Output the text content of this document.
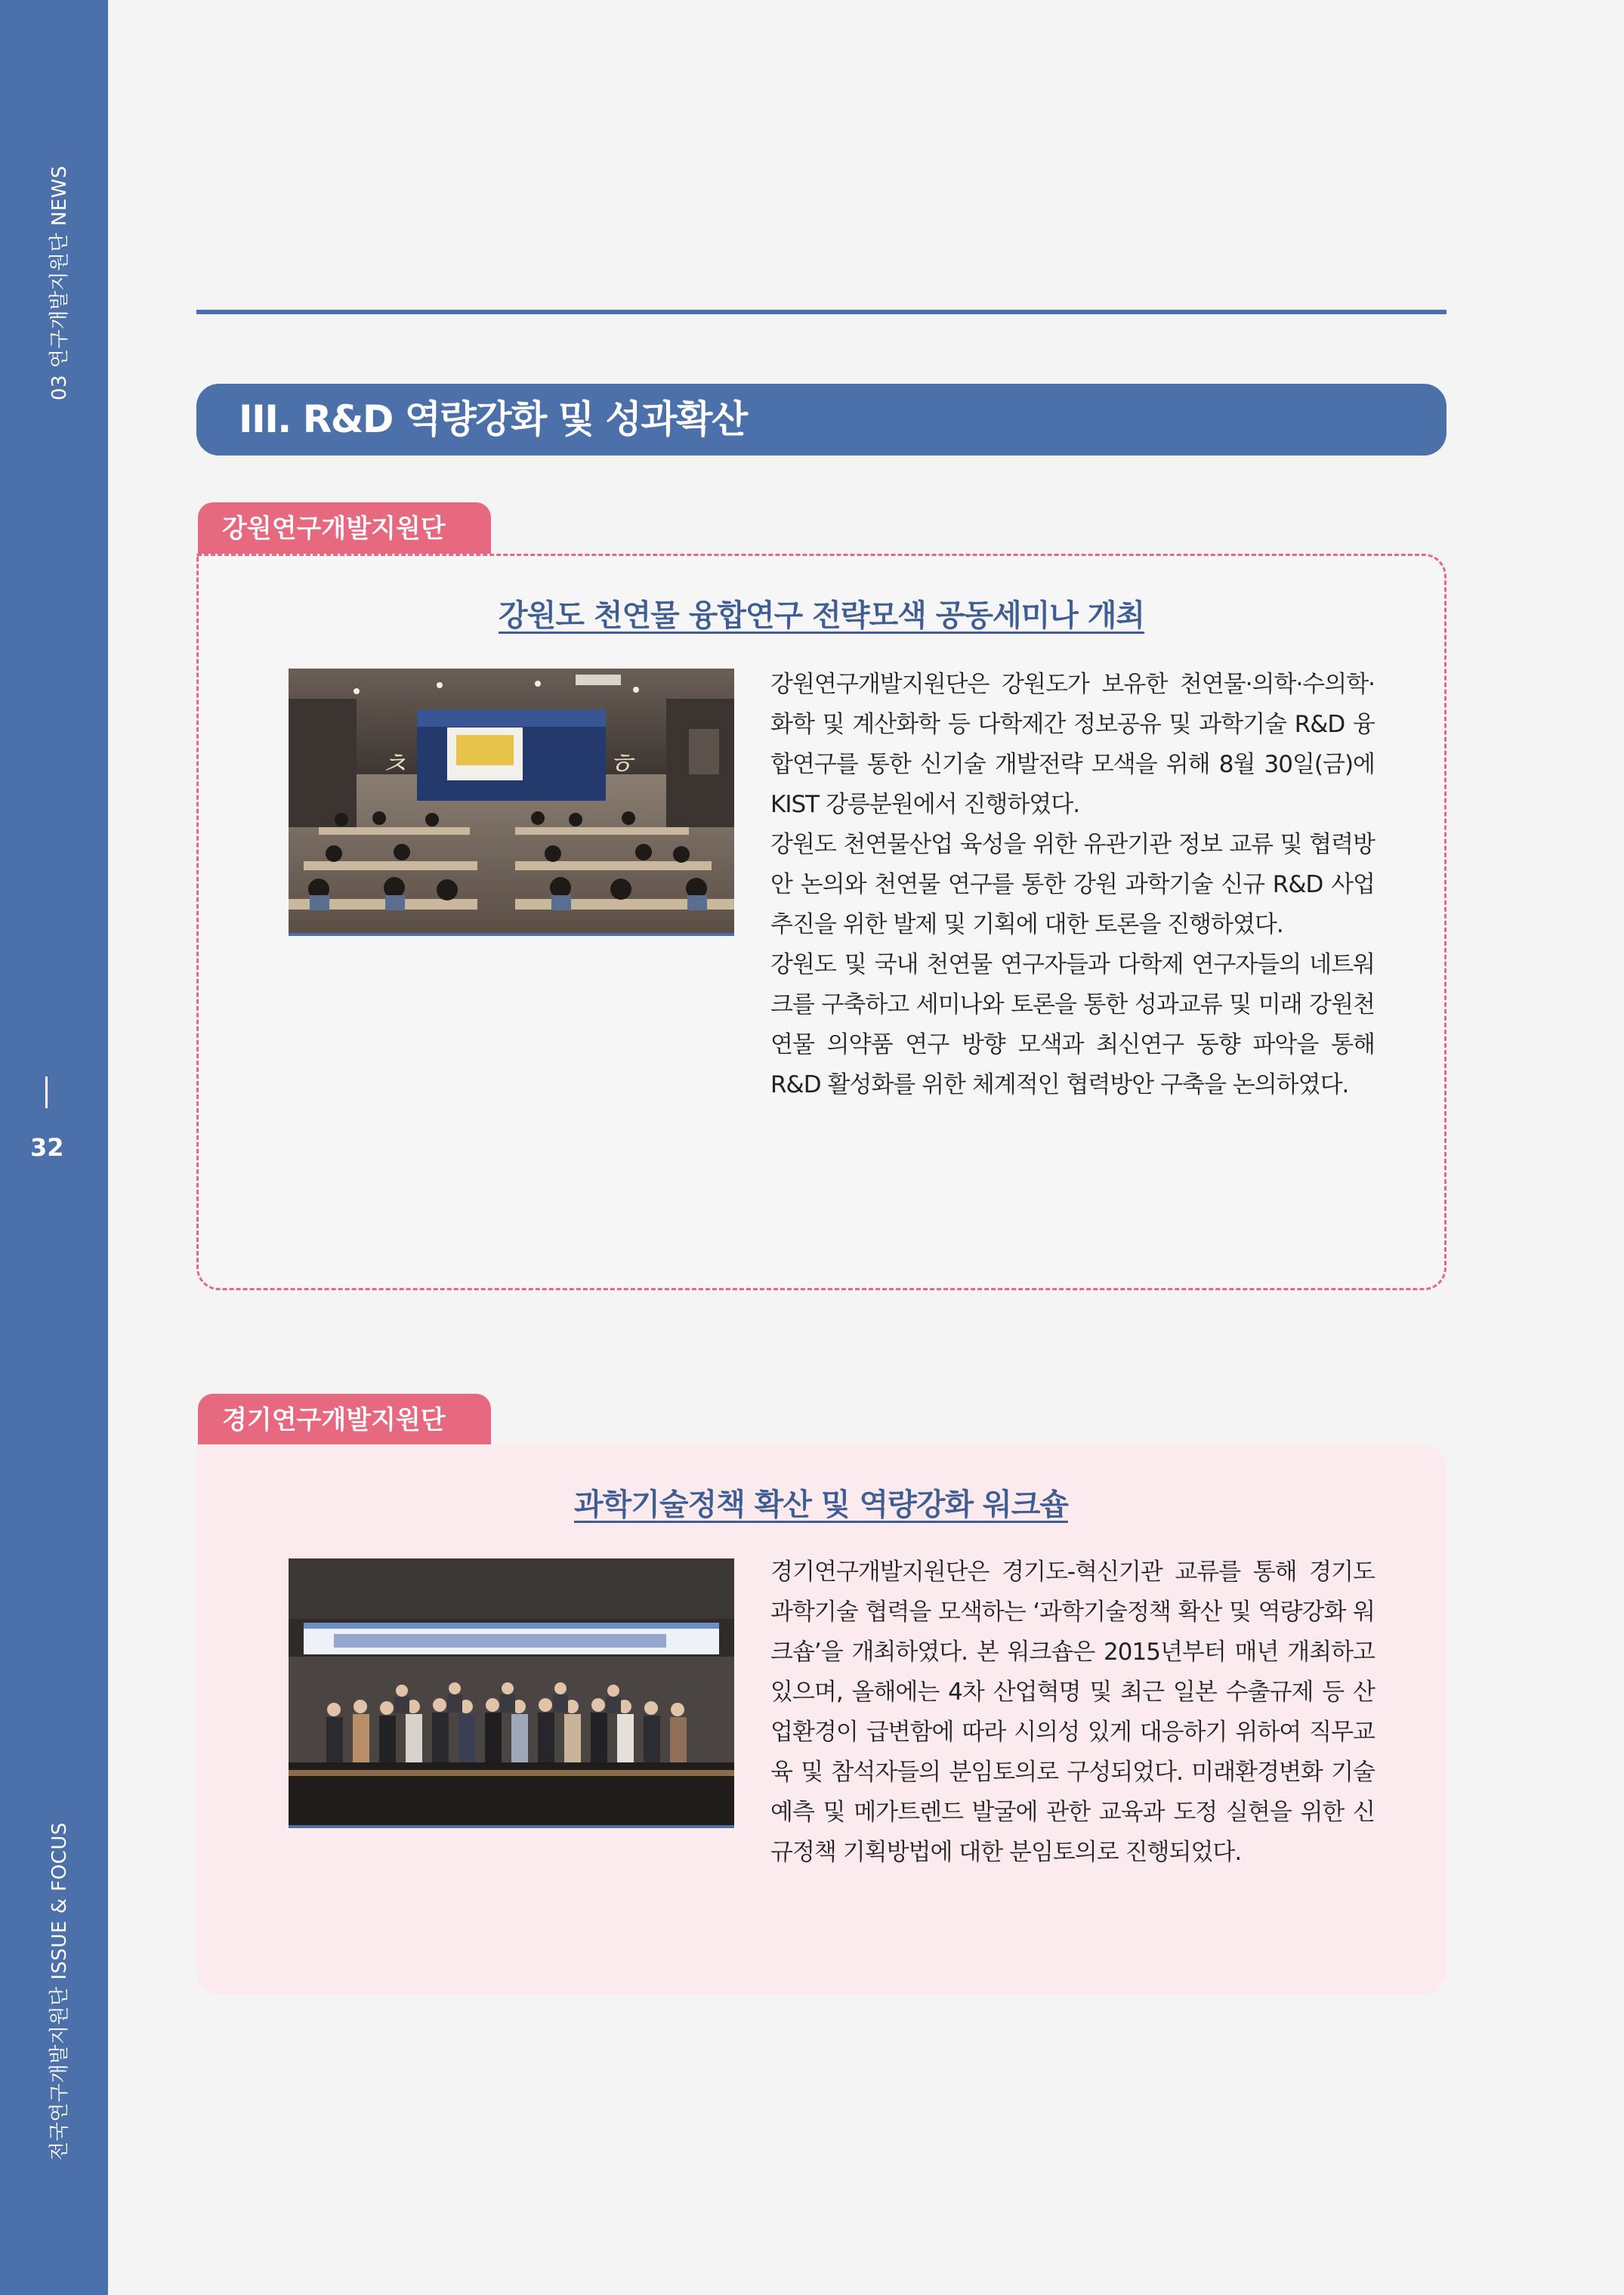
03 연구개발지원단 NEWS
32
전국연구개발지원단 ISSUE & FOCUS
III. R&D 역량강화 및 성과확산
강원연구개발지원단
강원도 천연물 융합연구 전략모색 공동세미나 개최
ㅊ	ㅎ

강원연구개발지원단은 강원도가 보유한 천연물·의학·수의학·화학 및 계산화학 등 다학제간 정보공유 및 과학기술 R&D 융합연구를 통한 신기술 개발전략 모색을 위해 8월 30일(금)에 KIST 강릉분원에서 진행하였다.

강원도 천연물산업 육성을 위한 유관기관 정보 교류 및 협력방안 논의와 천연물 연구를 통한 강원 과학기술 신규 R&D 사업추진을 위한 발제 및 기획에 대한 토론을 진행하였다.

강원도 및 국내 천연물 연구자들과 다학제 연구자들의 네트워크를 구축하고 세미나와 토론을 통한 성과교류 및 미래 강원천연물 의약품 연구 방향 모색과 최신연구 동향 파악을 통해 R&D 활성화를 위한 체계적인 협력방안 구축을 논의하였다.

경기연구개발지원단
과학기술정책 확산 및 역량강화 워크숍

경기연구개발지원단은 경기도-혁신기관 교류를 통해 경기도 과학기술 협력을 모색하는 ‘과학기술정책 확산 및 역량강화 워크숍’을 개최하였다. 본 워크숍은 2015년부터 매년 개최하고 있으며, 올해에는 4차 산업혁명 및 최근 일본 수출규제 등 산업환경이 급변함에 따라 시의성 있게 대응하기 위하여 직무교육 및 참석자들의 분임토의로 구성되었다. 미래환경변화 기술예측 및 메가트렌드 발굴에 관한 교육과 도정 실현을 위한 신규정책 기획방법에 대한 분임토의로 진행되었다.
